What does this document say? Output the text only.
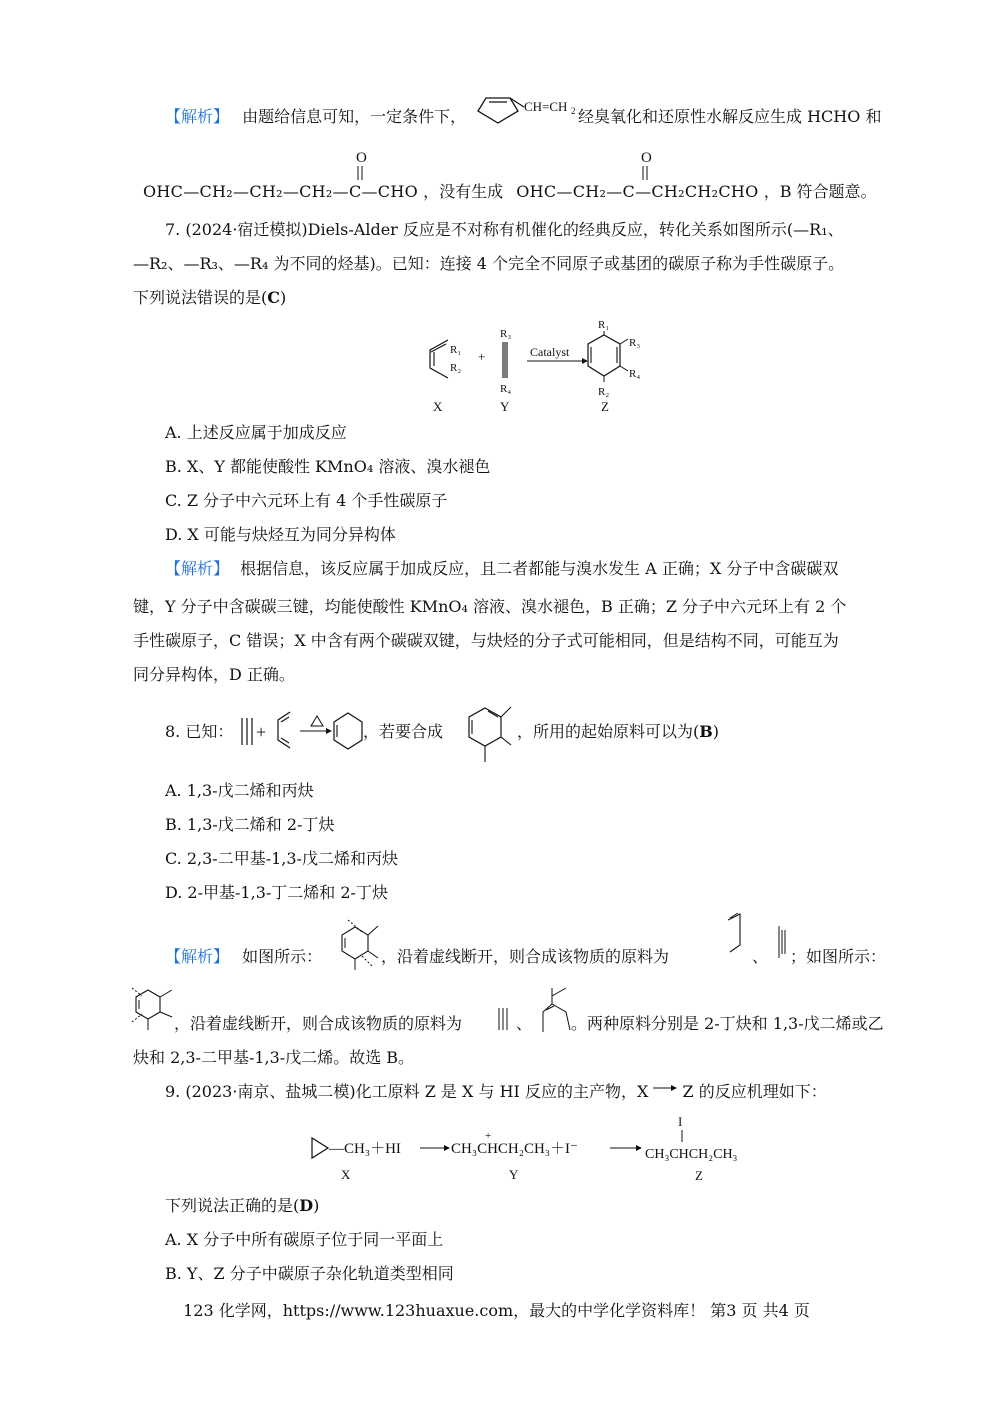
【解析】 由题给信息可知，一定条件下，
CH=CH 2 经臭氧化和还原性水解反应生成 HCHO 和
O	O
OHC—CH₂—CH₂—CH₂—C—CHO ，没有生成 OHC—CH₂—C—CH₂CH₂CHO ，B 符合题意。
7. (2024·宿迁模拟)Diels-Alder 反应是不对称有机催化的经典反应，转化关系如图所示(—R₁、
—R₂、—R₃、—R₄ 为不同的烃基)。已知：连接 4 个完全不同原子或基团的碳原子称为手性碳原子。
下列说法错误的是(C)
R₁
R₂
X
+
R₃
R₄
Y
Catalyst
R₁
R₃
R₄
R₂
Z
A. 上述反应属于加成反应
B. X、Y 都能使酸性 KMnO₄ 溶液、溴水褪色
C. Z 分子中六元环上有 4 个手性碳原子
D. X 可能与炔烃互为同分异构体
【解析】 根据信息，该反应属于加成反应，且二者都能与溴水发生 A 正确；X 分子中含碳碳双
键，Y 分子中含碳碳三键，均能使酸性 KMnO₄ 溶液、溴水褪色，B 正确；Z 分子中六元环上有 2 个
手性碳原子，C 错误；X 中含有两个碳碳双键，与炔烃的分子式可能相同，但是结构不同，可能互为
同分异构体，D 正确。
8. 已知： +	，若要合成	，所用的起始原料可以为(B)
A. 1,3-戊二烯和丙炔
B. 1,3-戊二烯和 2-丁炔
C. 2,3-二甲基-1,3-戊二烯和丙炔
D. 2-甲基-1,3-丁二烯和 2-丁炔
【解析】 如图所示：	，沿着虚线断开，则合成该物质的原料为	、 ；如图所示：
，沿着虚线断开，则合成该物质的原料为	、 。两种原料分别是 2-丁炔和 1,3-戊二烯或乙
炔和 2,3-二甲基-1,3-戊二烯。故选 B。
9. (2023·南京、盐城二模)化工原料 Z 是 X 与 HI 反应的主产物，X Z 的反应机理如下：
—CH₃＋HI
+
CH₃CHCH₂CH₃＋I⁻
I
CH₃CHCH₂CH₃
X	Y	Z
下列说法正确的是(D)
A. X 分子中所有碳原子位于同一平面上
B. Y、Z 分子中碳原子杂化轨道类型相同
123 化学网，https://www.123huaxue.com，最大的中学化学资料库！ 第3 页 共4 页
